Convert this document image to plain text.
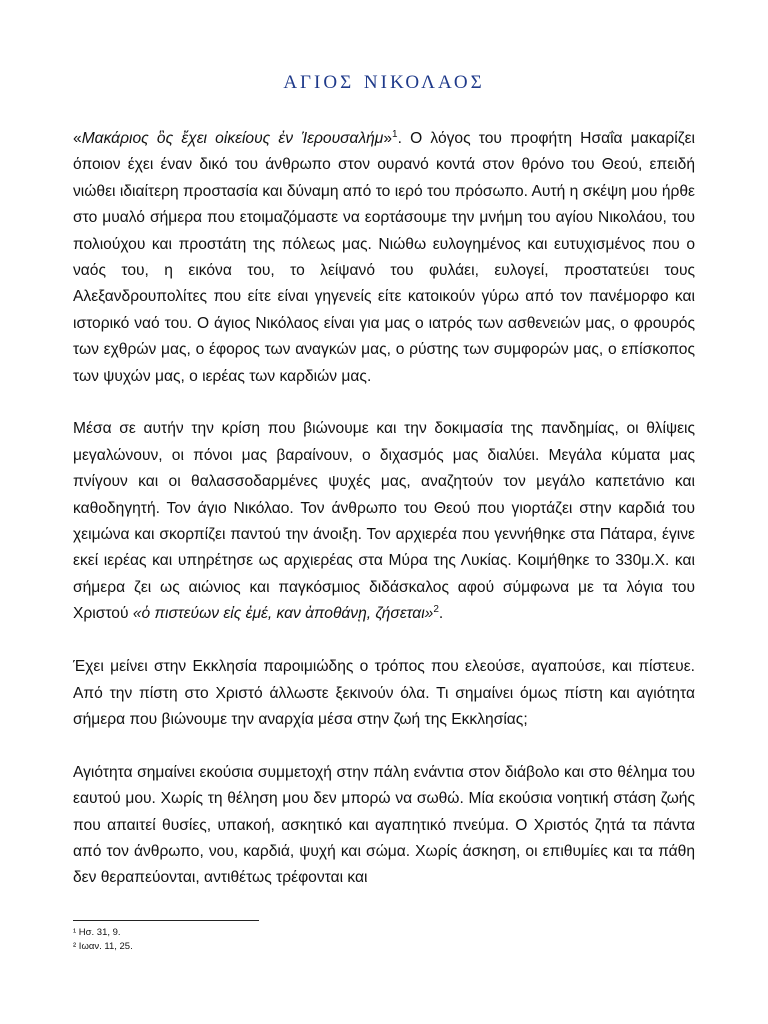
αγιος νικολαος

«Μακάριος ὃς ἔχει οἰκείους ἐν Ἱερουσαλήμ»$^1$. Ο λόγος του προφήτη Ησαΐα μακαρίζει όποιον έχει έναν δικό του άνθρωπο στον ουρανό κοντά στον θρόνο του Θεού, επειδή νιώθει ιδιαίτερη προστασία και δύναμη από το ιερό του πρόσωπο. Αυτή η σκέψη μου ήρθε στο μυαλό σήμερα που ετοιμαζόμαστε να εορτάσουμε την μνήμη του αγίου Νικολάου, του πολιούχου και προστάτη της πόλεως μας. Νιώθω ευλογημένος και ευτυχισμένος που ο ναός του, η εικόνα του, το λείψανό του φυλάει, ευλογεί, προστατεύει τους Αλεξανδρουπολίτες που είτε είναι γηγενείς είτε κατοικούν γύρω από τον πανέμορφο και ιστορικό ναό του. Ο άγιος Νικόλαος είναι για μας ο ιατρός των ασθενειών μας, ο φρουρός των εχθρών μας, ο έφορος των αναγκών μας, ο ρύστης των συμφορών μας, ο επίσκοπος των ψυχών μας, ο ιερέας των καρδιών μας.

Μέσα σε αυτήν την κρίση που βιώνουμε και την δοκιμασία της πανδημίας, οι θλίψεις μεγαλώνουν, οι πόνοι μας βαραίνουν, ο διχασμός μας διαλύει. Μεγάλα κύματα μας πνίγουν και οι θαλασσοδαρμένες ψυχές μας, αναζητούν τον μεγάλο καπετάνιο και καθοδηγητή. Τον άγιο Νικόλαο. Τον άνθρωπο του Θεού που γιορτάζει στην καρδιά του χειμώνα και σκορπίζει παντού την άνοιξη. Τον αρχιερέα που γεννήθηκε στα Πάταρα, έγινε εκεί ιερέας και υπηρέτησε ως αρχιερέας στα Μύρα της Λυκίας. Κοιμήθηκε το 330μ.Χ. και σήμερα ζει ως αιώνιος και παγκόσμιος διδάσκαλος αφού σύμφωνα με τα λόγια του Χριστού «ὁ πιστεύων εἰς ἐμέ, καν ἀποθάνῃ, ζήσεται»$^2$.

Έχει μείνει στην Εκκλησία παροιμιώδης ο τρόπος που ελεούσε, αγαπούσε, και πίστευε. Από την πίστη στο Χριστό άλλωστε ξεκινούν όλα. Τι σημαίνει όμως πίστη και αγιότητα σήμερα που βιώνουμε την αναρχία μέσα στην ζωή της Εκκλησίας;

Αγιότητα σημαίνει εκούσια συμμετοχή στην πάλη ενάντια στον διάβολο και στο θέλημα του εαυτού μου. Χωρίς τη θέληση μου δεν μπορώ να σωθώ. Μία εκούσια νοητική στάση ζωής που απαιτεί θυσίες, υπακοή, ασκητικό και αγαπητικό πνεύμα. Ο Χριστός ζητά τα πάντα από τον άνθρωπο, νου, καρδιά, ψυχή και σώμα. Χωρίς άσκηση, οι επιθυμίες και τα πάθη δεν θεραπεύονται, αντιθέτως τρέφονται και

¹ Ησ. 31, 9.
² Ιωαν. 11, 25.
